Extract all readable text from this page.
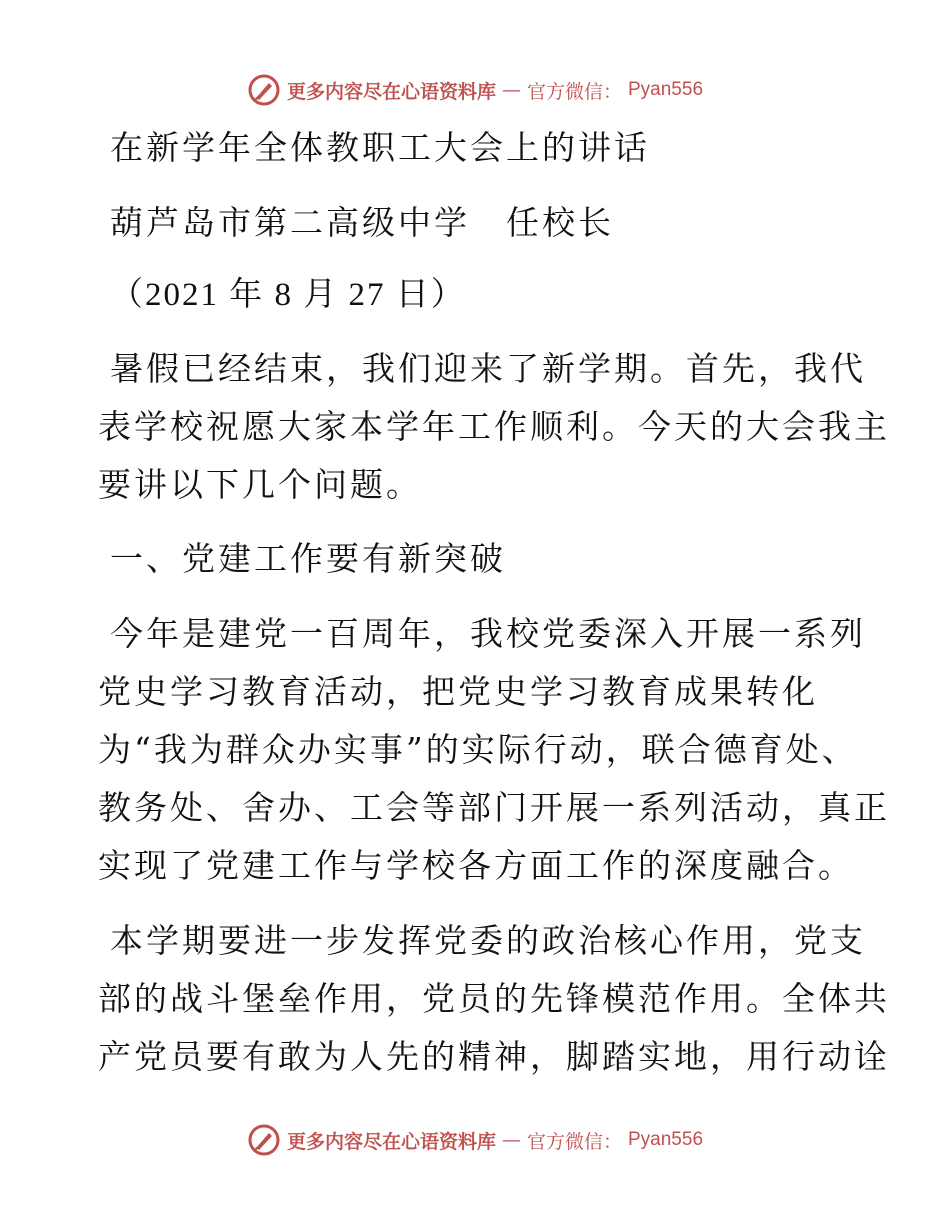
更多内容尽在心语资料库 — 官方微信： Pyan556
在新学年全体教职工大会上的讲话
葫芦岛市第二高级中学　任校长
（2021 年 8 月 27 日）
暑假已经结束，我们迎来了新学期。首先，我代
表学校祝愿大家本学年工作顺利。今天的大会我主
要讲以下几个问题。
一、党建工作要有新突破
今年是建党一百周年，我校党委深入开展一系列
党史学习教育活动，把党史学习教育成果转化
为“我为群众办实事”的实际行动，联合德育处、
教务处、舍办、工会等部门开展一系列活动，真正
实现了党建工作与学校各方面工作的深度融合。
本学期要进一步发挥党委的政治核心作用，党支
部的战斗堡垒作用，党员的先锋模范作用。全体共
产党员要有敢为人先的精神，脚踏实地，用行动诠
更多内容尽在心语资料库 — 官方微信： Pyan556
